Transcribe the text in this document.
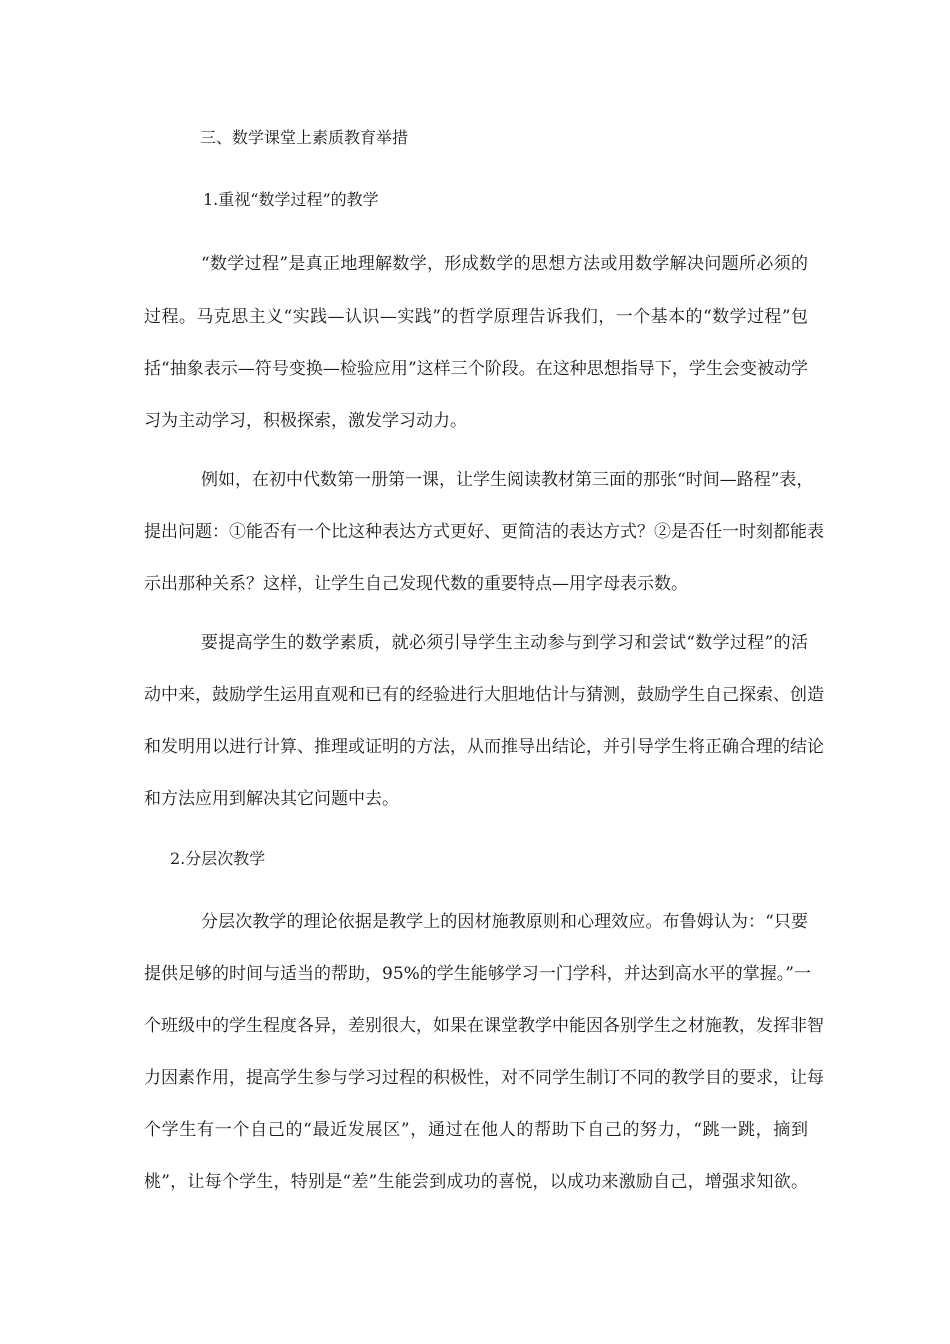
三、数学课堂上素质教育举措
1.重视“数学过程”的教学
“数学过程”是真正地理解数学，形成数学的思想方法或用数学解决问题所必须的
过程。马克思主义“实践—认识—实践”的哲学原理告诉我们，一个基本的“数学过程”包
括“抽象表示—符号变换—检验应用”这样三个阶段。在这种思想指导下，学生会变被动学
习为主动学习，积极探索，激发学习动力。
例如，在初中代数第一册第一课，让学生阅读教材第三面的那张“时间—路程”表，
提出问题：①能否有一个比这种表达方式更好、更简洁的表达方式？②是否任一时刻都能表
示出那种关系？这样，让学生自己发现代数的重要特点—用字母表示数。
要提高学生的数学素质，就必须引导学生主动参与到学习和尝试“数学过程”的活
动中来，鼓励学生运用直观和已有的经验进行大胆地估计与猜测，鼓励学生自己探索、创造
和发明用以进行计算、推理或证明的方法，从而推导出结论，并引导学生将正确合理的结论
和方法应用到解决其它问题中去。
2.分层次教学
分层次教学的理论依据是教学上的因材施教原则和心理效应。布鲁姆认为：“只要
提供足够的时间与适当的帮助，95%的学生能够学习一门学科，并达到高水平的掌握。”一
个班级中的学生程度各异，差别很大，如果在课堂教学中能因各别学生之材施教，发挥非智
力因素作用，提高学生参与学习过程的积极性，对不同学生制订不同的教学目的要求，让每
个学生有一个自己的“最近发展区”，通过在他人的帮助下自己的努力，“跳一跳，摘到
桃”，让每个学生，特别是“差”生能尝到成功的喜悦，以成功来激励自己，增强求知欲。
